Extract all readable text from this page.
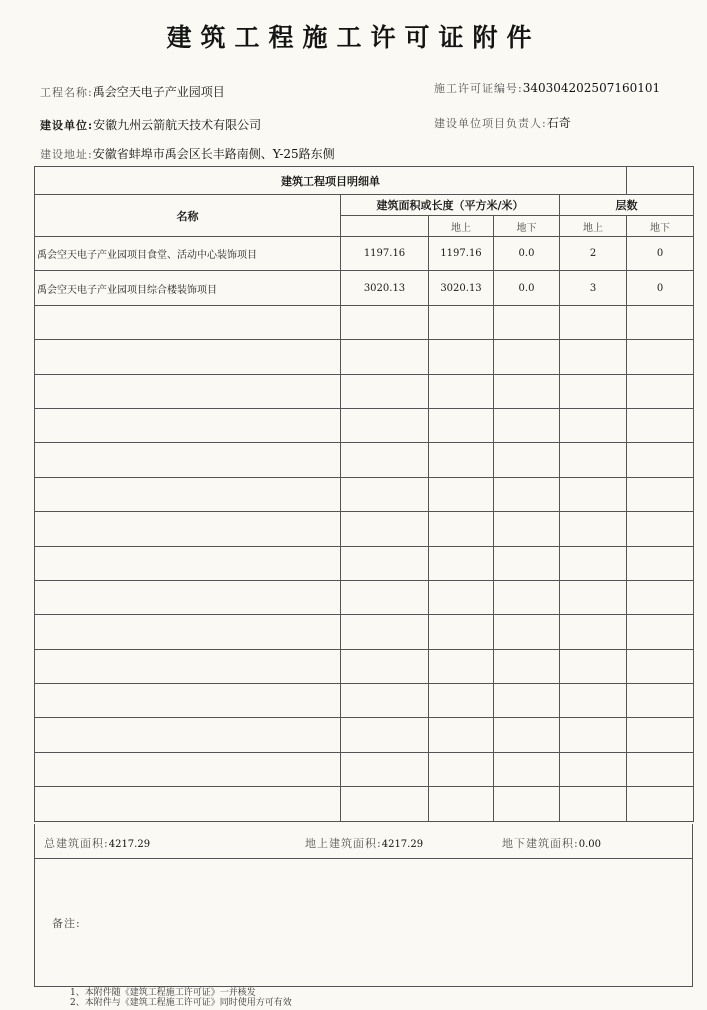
建筑工程施工许可证附件
工程名称:禹会空天电子产业园项目	施工许可证编号:340304202507160101
建设单位:安徽九州云箭航天技术有限公司	建设单位项目负责人:石奇
建设地址:安徽省蚌埠市禹会区长丰路南侧、Y-25路东侧
建筑工程项目明细单					
名称	建筑面积或长度（平方米/米）			层数	
		地上	地下	地上	地下
禹会空天电子产业园项目食堂、活动中心装饰项目	1197.16	1197.16	0.0	2	0
禹会空天电子产业园项目综合楼装饰项目	3020.13	3020.13	0.0	3	0

总建筑面积:4217.29	地上建筑面积:4217.29	地下建筑面积:0.00
备注:
1、本附件随《建筑工程施工许可证》一并核发
2、本附件与《建筑工程施工许可证》同时使用方可有效
